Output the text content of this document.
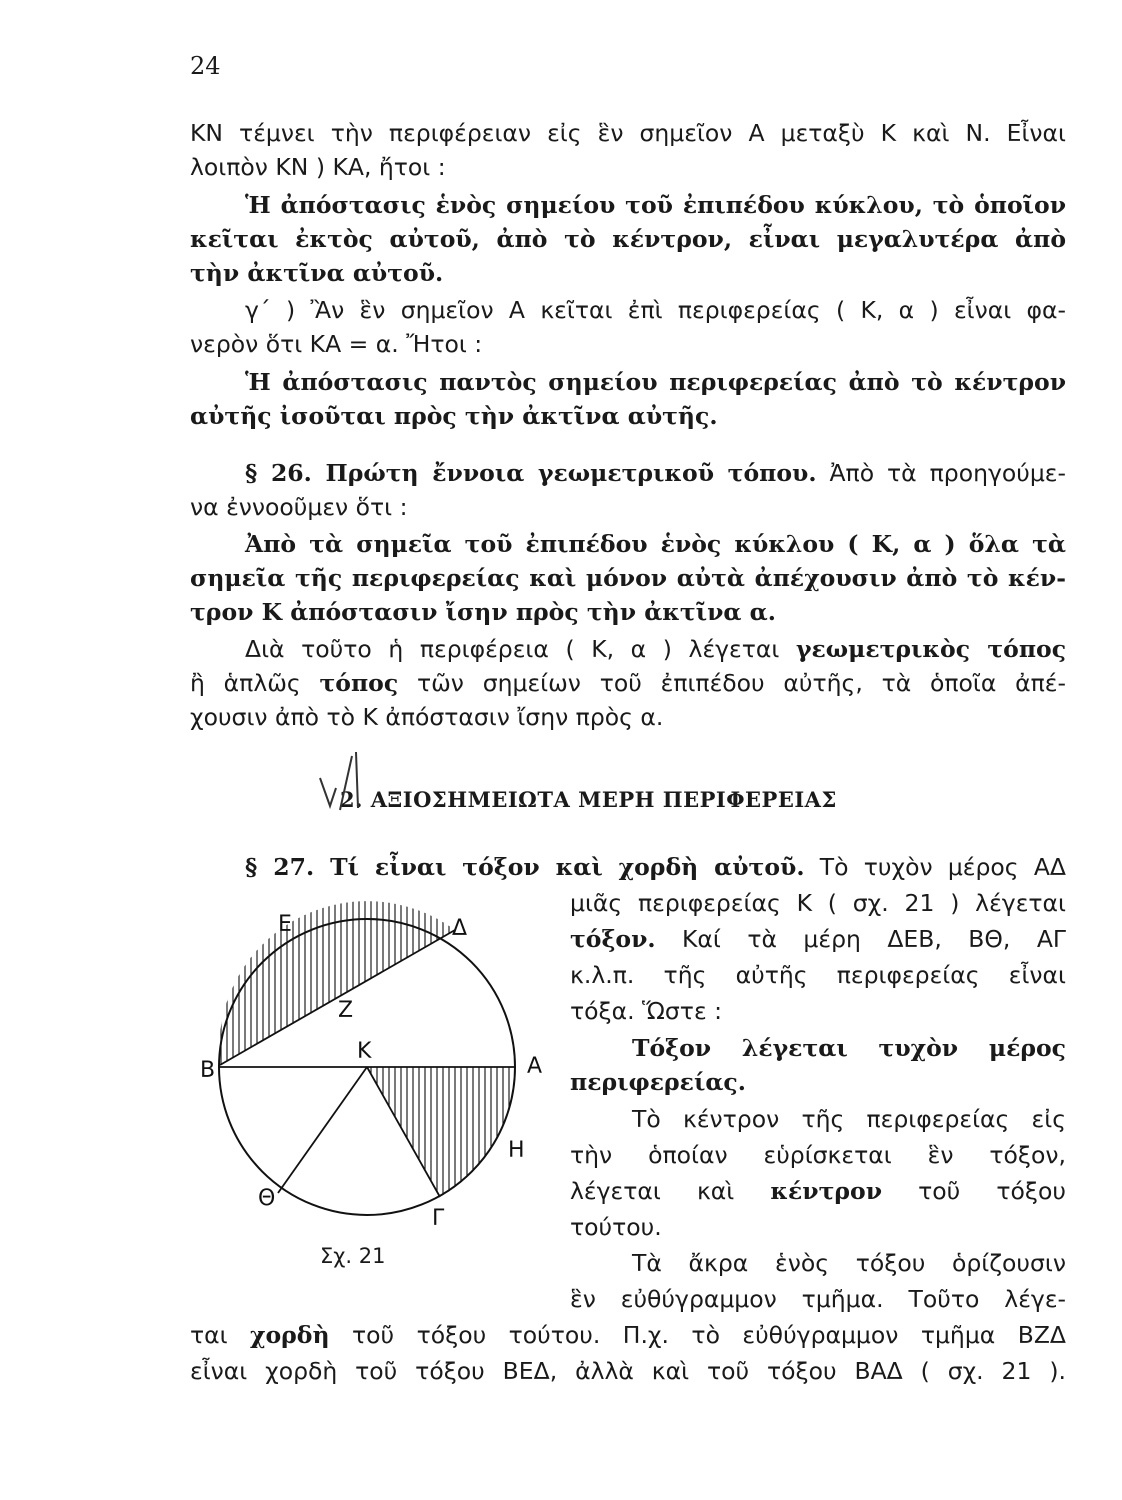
24
ΚΝ τέμνει τὴν περιφέρειαν εἰς ἓν σημεῖον Α μεταξὺ Κ καὶ Ν. Εἶναι
λοιπὸν ΚΝ ) ΚΑ, ἤτοι :
Ἡ ἀπόστασις ἑνὸς σημείου τοῦ ἐπιπέδου κύκλου, τὸ ὁποῖον
κεῖται ἐκτὸς αὐτοῦ, ἀπὸ τὸ κέντρον, εἶναι μεγαλυτέρα ἀπὸ
τὴν ἀκτῖνα αὐτοῦ.
γ΄ ) Ἂν ἓν σημεῖον Α κεῖται ἐπὶ περιφερείας ( Κ, α ) εἶναι φα-
νερὸν ὅτι ΚΑ = α. Ἤτοι :
Ἡ ἀπόστασις παντὸς σημείου περιφερείας ἀπὸ τὸ κέντρον
αὐτῆς ἰσοῦται πρὸς τὴν ἀκτῖνα αὐτῆς.
§ 26. Πρώτη ἔννοια γεωμετρικοῦ τόπου. Ἀπὸ τὰ προηγούμε-
να ἐννοοῦμεν ὅτι :
Ἀπὸ τὰ σημεῖα τοῦ ἐπιπέδου ἑνὸς κύκλου ( Κ, α ) ὅλα τὰ
σημεῖα τῆς περιφερείας καὶ μόνον αὐτὰ ἀπέχουσιν ἀπὸ τὸ κέν-
τρον Κ ἀπόστασιν ἴσην πρὸς τὴν ἀκτῖνα α.
Διὰ τοῦτο ἡ περιφέρεια ( Κ, α ) λέγεται γεωμετρικὸς τόπος
ἢ ἁπλῶς τόπος τῶν σημείων τοῦ ἐπιπέδου αὐτῆς, τὰ ὁποῖα ἀπέ-
χουσιν ἀπὸ τὸ Κ ἀπόστασιν ἴσην πρὸς α.
2. ΑΞΙΟΣΗΜΕΙΩΤΑ ΜΕΡΗ ΠΕΡΙΦΕΡΕΙΑΣ
§ 27. Τί εἶναι τόξον καὶ χορδὴ αὐτοῦ. Τὸ τυχὸν μέρος ΑΔ
μιᾶς περιφερείας Κ ( σχ. 21 ) λέγεται
τόξον. Καί τὰ μέρη ΔΕΒ, ΒΘ, ΑΓ
κ.λ.π. τῆς αὐτῆς περιφερείας εἶναι
τόξα. Ὥστε :
Τόξον λέγεται τυχὸν μέρος
περιφερείας.
Τὸ κέντρον τῆς περιφερείας εἰς
τὴν ὁποίαν εὑρίσκεται ἓν τόξον,
λέγεται καὶ κέντρον τοῦ τόξου
τούτου.
Τὰ ἄκρα ἑνὸς τόξου ὁρίζουσιν
ἓν εὐθύγραμμον τμῆμα. Τοῦτο λέγε-
ται χορδὴ τοῦ τόξου τούτου. Π.χ. τὸ εὐθύγραμμον τμῆμα ΒΖΔ
εἶναι χορδὴ τοῦ τόξου ΒΕΔ, ἀλλὰ καὶ τοῦ τόξου ΒΑΔ ( σχ. 21 ).
Ε	Δ
Ζ
Β
Κ
Α
Η
Θ
Γ
Σχ. 21
